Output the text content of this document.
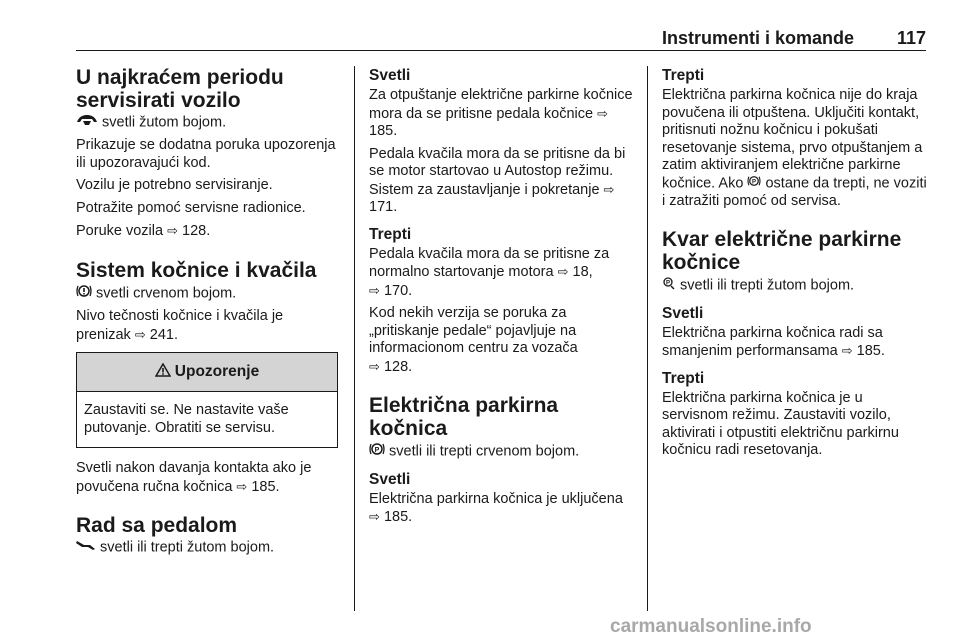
Instrumenti i komande 117
U najkraćem periodu servisirati vozilo

svetli žutom bojom.

Prikazuje se dodatna poruka upozorenja ili upozoravajući kod.

Vozilu je potrebno servisiranje.

Potražite pomoć servisne radionice.

Poruke vozila ⇨ 128.

Sistem kočnice i kvačila

svetli crvenom bojom.

Nivo tečnosti kočnice i kvačila je prenizak ⇨ 241.

Upozorenje
Zaustaviti se. Ne nastavite vaše putovanje. Obratiti se servisu.

Svetli nakon davanja kontakta ako je povučena ručna kočnica ⇨ 185.

Rad sa pedalom

svetli ili trepti žutom bojom.

Svetli

Za otpuštanje električne parkirne kočnice mora da se pritisne pedala kočnice ⇨ 185.

Pedala kvačila mora da se pritisne da bi se motor startovao u Autostop režimu. Sistem za zaustavljanje i pokretanje ⇨ 171.

Trepti

Pedala kvačila mora da se pritisne za normalno startovanje motora ⇨ 18,
⇨ 170.

Kod nekih verzija se poruka za „pritiskanje pedale“ pojavljuje na informacionom centru za vozača
⇨ 128.

Električna parkirna kočnica

P svetli ili trepti crvenom bojom.

Svetli

Električna parkirna kočnica je uključena ⇨ 185.

Trepti

Električna parkirna kočnica nije do kraja povučena ili otpuštena. Uključiti kontakt, pritisnuti nožnu kočnicu i pokušati resetovanje sistema, prvo otpuštanjem a zatim aktiviranjem električne parkirne kočnice. Ako P ostane da trepti, ne voziti i zatražiti pomoć od servisa.

Kvar električne parkirne kočnice

P svetli ili trepti žutom bojom.

Svetli

Električna parkirna kočnica radi sa smanjenim performansama ⇨ 185.

Trepti

Električna parkirna kočnica je u servisnom režimu. Zaustaviti vozilo, aktivirati i otpustiti električnu parkirnu kočnicu radi resetovanja.

carmanualsonline.info
